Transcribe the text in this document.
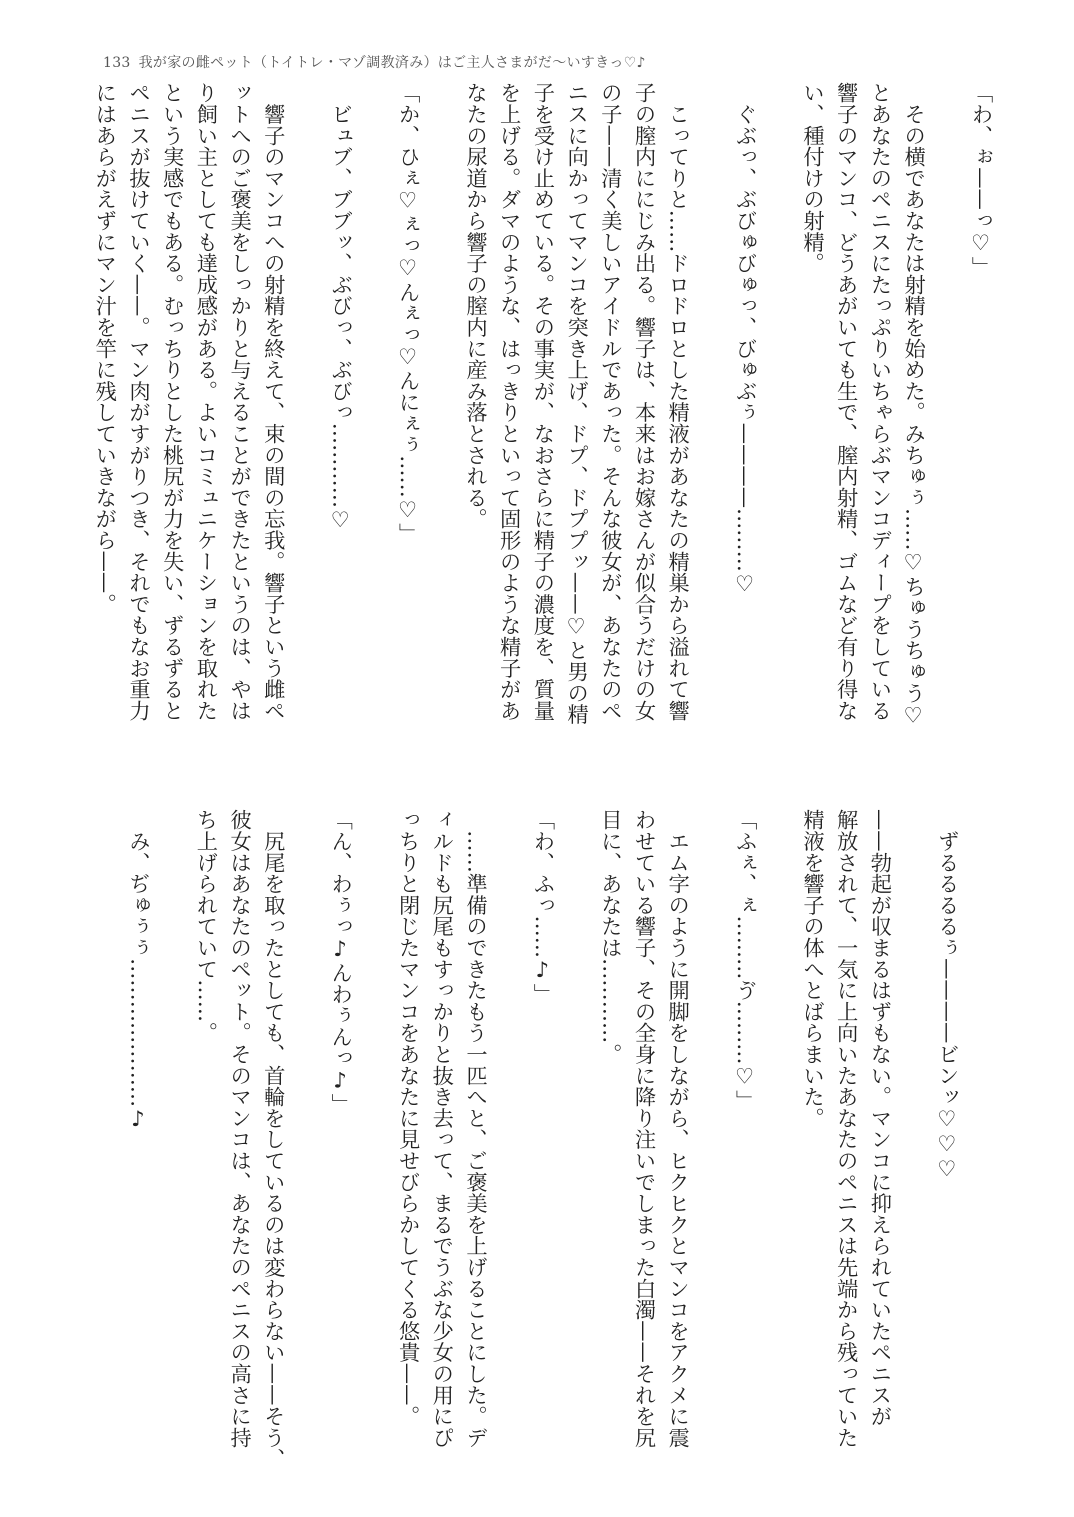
133 我が家の雌ペット（トイトレ・マゾ調教済み）はご主人さまがだ〜いすきっ♡♪
「わ、ぉ——っ♡」
　その横であなたは射精を始めた。みちゅぅ……♡ちゅうちゅう♡
とあなたのペニスにたっぷりいちゃらぶマンコディープをしている
響子のマンコ、どうあがいても生で、膣内射精、ゴムなど有り得な
い、種付けの射精。
　ぐぶっ、ぶびゅびゅっ、びゅぶぅ————………♡
　こってりと……ドロドロとした精液があなたの精巣から溢れて響
子の膣内ににじみ出る。響子は、本来はお嫁さんが似合うだけの女
の子——清く美しいアイドルであった。そんな彼女が、あなたのペ
ニスに向かってマンコを突き上げ、ドプ、ドププッ——♡と男の精
子を受け止めている。その事実が、なおさらに精子の濃度を、質量
を上げる。ダマのような、はっきりといって固形のような精子があ
なたの尿道から響子の膣内に産み落とされる。
「か、ひぇ♡ぇっ♡んぇっ♡んにぇぅ……♡」
　ビュブ、ブブッ、ぶびっ、ぶびっ…………♡
　響子のマンコへの射精を終えて、束の間の忘我。響子という雌ペ
ットへのご褒美をしっかりと与えることができたというのは、やは
り飼い主としても達成感がある。よいコミュニケーションを取れた
という実感でもある。むっちりとした桃尻が力を失い、ずるずると
ペニスが抜けていく——。マン肉がすがりつき、それでもなお重力
にはあらがえずにマン汁を竿に残していきながら——。
　ずるるるるぅ————ビンッ♡♡♡
——勃起が収まるはずもない。マンコに抑えられていたペニスが
解放されて、一気に上向いたあなたのペニスは先端から残っていた
精液を響子の体へとばらまいた。
「ふぇ、ぇ………ゔ………♡」
　エム字のように開脚をしながら、ヒクヒクとマンコをアクメに震
わせている響子、その全身に降り注いでしまった白濁——それを尻
目に、あなたは…………。
「わ、ふっ……♪」
　……準備のできたもう一匹へと、ご褒美を上げることにした。デ
ィルドも尻尾もすっかりと抜き去って、まるでうぶな少女の用にぴ
っちりと閉じたマンコをあなたに見せびらかしてくる悠貴——。
「ん、わぅっ♪んわぅんっ♪」
　尻尾を取ったとしても、首輪をしているのは変わらない——そう、
彼女はあなたのペット。そのマンコは、あなたのペニスの高さに持
ち上げられていて……。
　み、ぢゅぅぅ…………………♪
